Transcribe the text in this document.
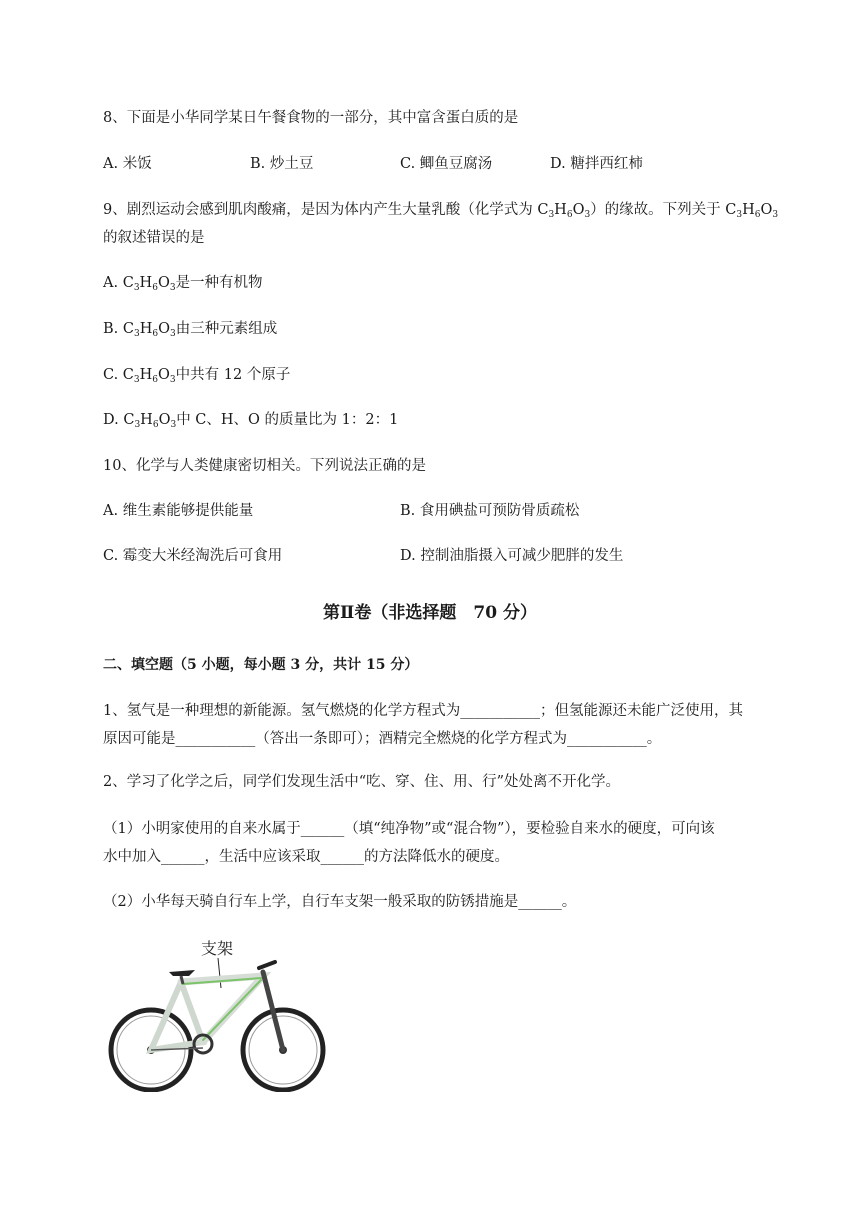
8、下面是小华同学某日午餐食物的一部分，其中富含蛋白质的是
A. 米饭	B. 炒土豆	C. 鲫鱼豆腐汤	D. 糖拌西红柿
9、剧烈运动会感到肌肉酸痛，是因为体内产生大量乳酸（化学式为 $C_3H_6O_3$）的缘故。下列关于 $C_3H_6O_3$
的叙述错误的是
A. $C_3H_6O_3$是一种有机物
B. $C_3H_6O_3$由三种元素组成
C. $C_3H_6O_3$中共有 12 个原子
D. $C_3H_6O_3$中 C、H、O 的质量比为 1：2：1
10、化学与人类健康密切相关。下列说法正确的是
A. 维生素能够提供能量	B. 食用碘盐可预防骨质疏松
C. 霉变大米经淘洗后可食用	D. 控制油脂摄入可减少肥胖的发生
第Ⅱ卷（非选择题　70 分）
二、填空题（5 小题，每小题 3 分，共计 15 分）
1、氢气是一种理想的新能源。氢气燃烧的化学方程式为___________；但氢能源还未能广泛使用，其
原因可能是___________（答出一条即可）；酒精完全燃烧的化学方程式为___________。
2、学习了化学之后，同学们发现生活中“吃、穿、住、用、行”处处离不开化学。
（1）小明家使用的自来水属于______（填“纯净物”或“混合物”），要检验自来水的硬度，可向该
水中加入______，生活中应该采取______的方法降低水的硬度。
（2）小华每天骑自行车上学，自行车支架一般采取的防锈措施是______。
支架
